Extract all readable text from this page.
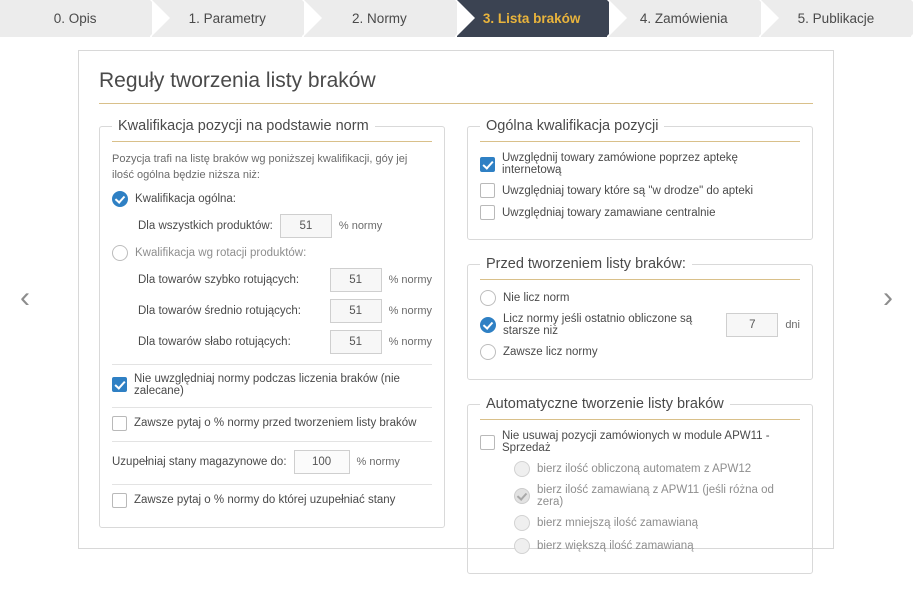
0. Opis	1. Parametry	2. Normy	3. Lista braków	4. Zamówienia	5. Publikacje
‹	›
Reguły tworzenia listy braków
Kwalifikacja pozycji na podstawie norm
Pozycja trafi na listę braków wg poniższej kwalifikacji, góy jej ilość ogólna będzie niższa niż:
Kwalifikacja ogólna:
Dla wszystkich produktów:
51	% normy
Kwalifikacja wg rotacji produktów:
Dla towarów szybko rotujących:
51	% normy
Dla towarów średnio rotujących:
51	% normy
Dla towarów słabo rotujących:
51	% normy
Nie uwzględniaj normy podczas liczenia braków (nie zalecane)
Zawsze pytaj o % normy przed tworzeniem listy braków
Uzupełniaj stany magazynowe do:
100	% normy
Zawsze pytaj o % normy do której uzupełniać stany
Ogólna kwalifikacja pozycji
Uwzględnij towary zamówione poprzez aptekę internetową
Uwzględniaj towary które są "w drodze" do apteki
Uwzględniaj towary zamawiane centralnie
Przed tworzeniem listy braków:
Nie licz norm
Licz normy jeśli ostatnio obliczone są starsze niż
7	dni
Zawsze licz normy
Automatyczne tworzenie listy braków
Nie usuwaj pozycji zamówionych w module APW11 - Sprzedaż
bierz ilość obliczoną automatem z APW12
bierz ilość zamawianą z APW11 (jeśli różna od zera)
bierz mniejszą ilość zamawianą
bierz większą ilość zamawianą
